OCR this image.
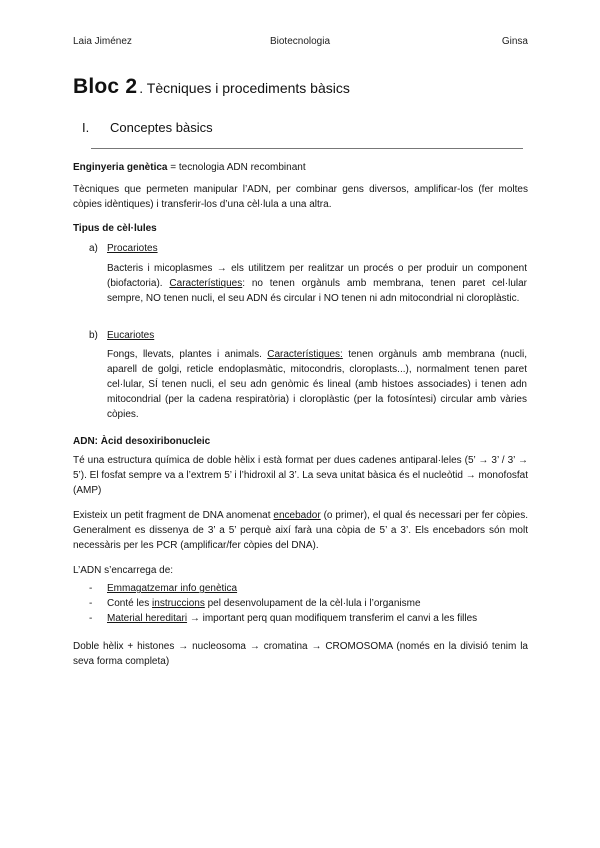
Laia Jiménez	Biotecnologia	Ginsa
Bloc 2 . Tècniques i procediments bàsics
I. Conceptes bàsics
Enginyeria genètica = tecnologia ADN recombinant
Tècniques que permeten manipular l’ADN, per combinar gens diversos, amplificar-los (fer moltes còpies idèntiques) i transferir-los d’una cèl·lula a una altra.
Tipus de cèl·lules
a) Procariotes
Bacteris i micoplasmes → els utilitzem per realitzar un procés o per produir un component (biofactoria). Característiques: no tenen orgànuls amb membrana, tenen paret cel·lular sempre, NO tenen nucli, el seu ADN és circular i NO tenen ni adn mitocondrial ni cloroplàstic.
b) Eucariotes
Fongs, llevats, plantes i animals. Característiques: tenen orgànuls amb membrana (nucli, aparell de golgi, reticle endoplasmàtic, mitocondris, cloroplasts...), normalment tenen paret cel·lular, SÍ tenen nucli, el seu adn genòmic és lineal (amb histoes associades) i tenen adn mitocondrial (per la cadena respiratòria) i cloroplàstic (per la fotosíntesi) circular amb vàries còpies.
ADN: Àcid desoxiribonucleic
Té una estructura química de doble hèlix i està format per dues cadenes antiparal·leles (5’ → 3’ / 3’ → 5’). El fosfat sempre va a l’extrem 5’ i l’hidroxil al 3’. La seva unitat bàsica és el nucleòtid → monofosfat (AMP)
Existeix un petit fragment de DNA anomenat encebador (o primer), el qual és necessari per fer còpies. Generalment es dissenya de 3’ a 5’ perquè així farà una còpia de 5’ a 3’. Els encebadors són molt necessàris per les PCR (amplificar/fer còpies del DNA).
L’ADN s’encarrega de:
- Emmagatzemar info genètica
- Conté les instruccions pel desenvolupament de la cèl·lula i l’organisme
- Material hereditari → important perq quan modifiquem transferim el canvi a les filles
Doble hèlix + histones → nucleosoma → cromatina → CROMOSOMA (només en la divisió tenim la seva forma completa)
